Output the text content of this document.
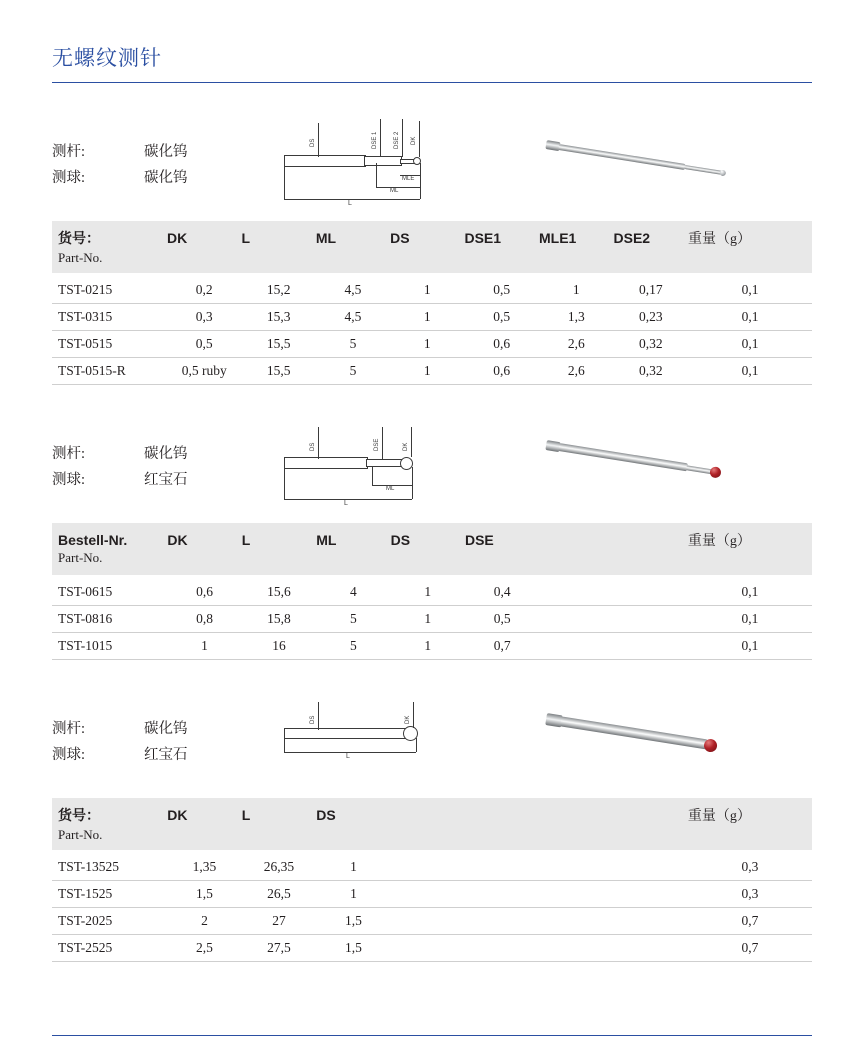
无螺纹测针
测杆:	碳化钨
测球:	碳化钨
DS	DSE 1	DSE 2 DK
MLE
ML
L
货号：
Part-No.	DK	L	ML	DS	DSE1	MLE1	DSE2	重量（g）

TST-0215	0,2	15,2	4,5	1	0,5	1	0,17	0,1
TST-0315	0,3	15,3	4,5	1	0,5	1,3	0,23	0,1
TST-0515	0,5	15,5	5	1	0,6	2,6	0,32	0,1
TST-0515-R	0,5 ruby	15,5	5	1	0,6	2,6	0,32	0,1
测杆:	碳化钨
测球:	红宝石
DS	DSE	DK
ML
L
Bestell-Nr.
Part-No.	DK	L	ML	DS	DSE			重量（g）

TST-0615	0,6	15,6	4	1	0,4			0,1
TST-0816	0,8	15,8	5	1	0,5			0,1
TST-1015	1	16	5	1	0,7			0,1
测杆:	碳化钨
测球:	红宝石
DS	DK
L
货号：
Part-No.	DK	L	DS					重量（g）

TST-13525	1,35	26,35	1					0,3
TST-1525	1,5	26,5	1					0,3
TST-2025	2	27	1,5					0,7
TST-2525	2,5	27,5	1,5					0,7
